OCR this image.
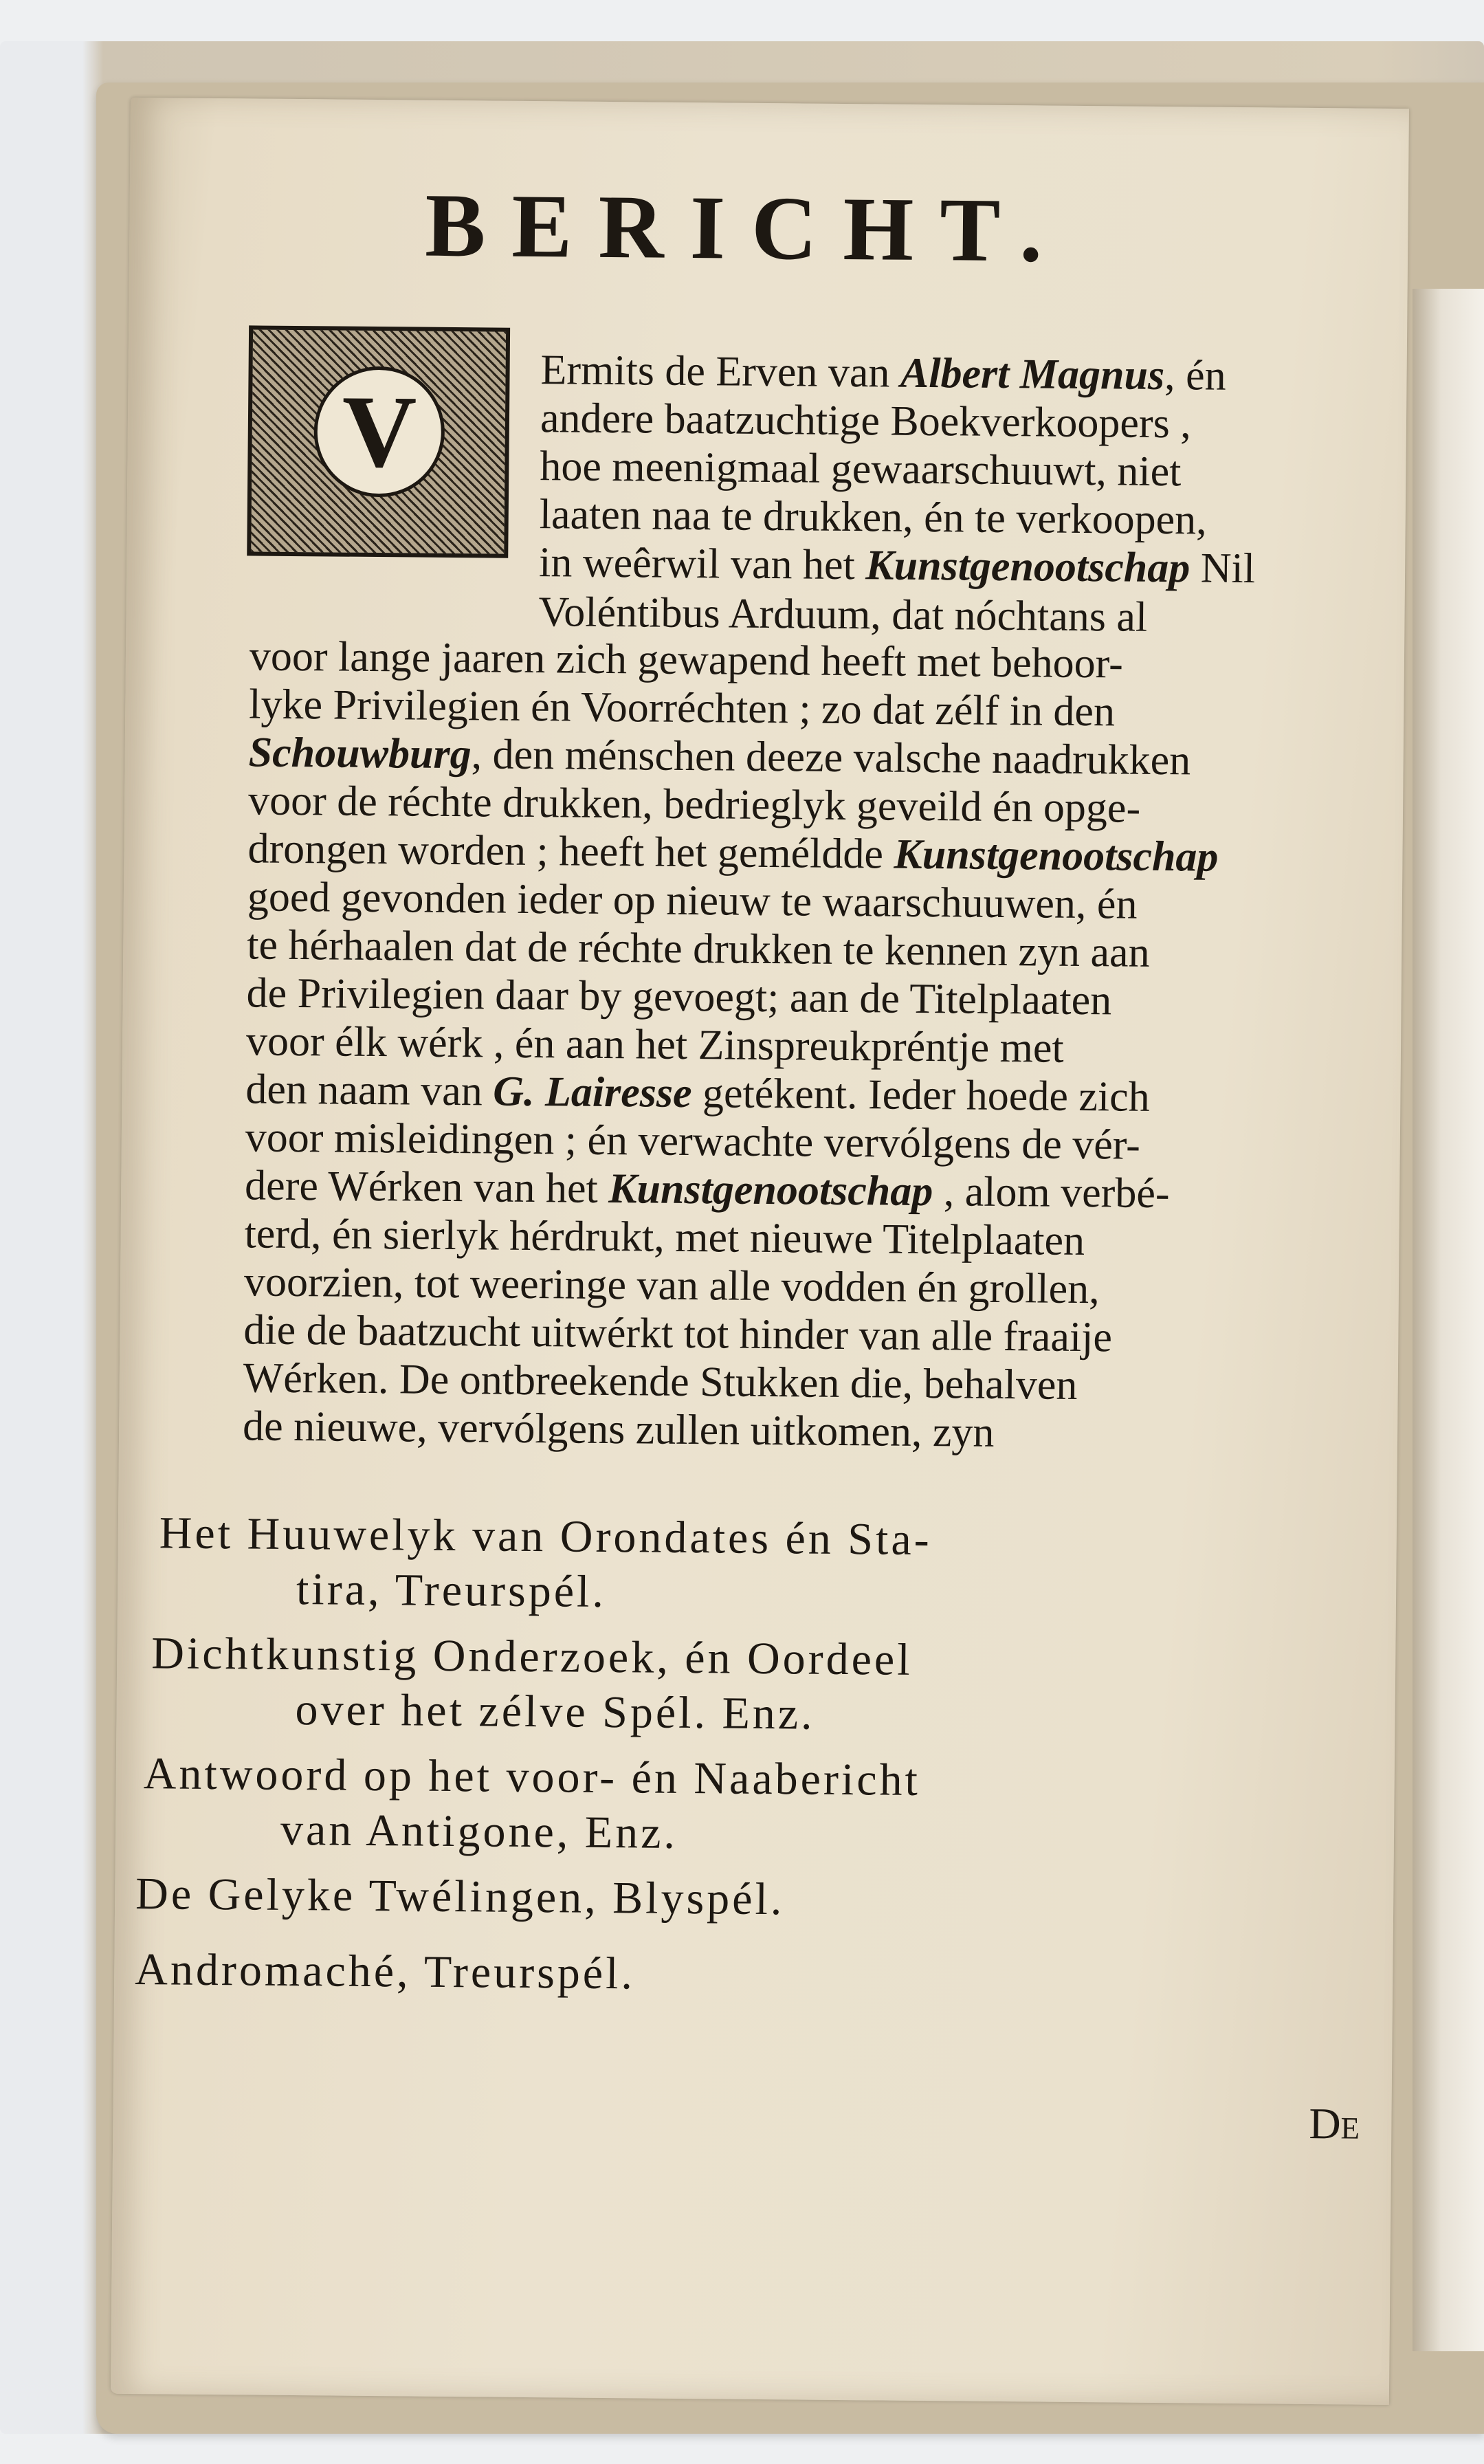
BERICHT.
V
Ermits de Erven van Albert Magnus, én
andere baatzuchtige Boekverkoopers ,
hoe meenigmaal gewaarschuuwt, niet
laaten naa te drukken, én te verkoopen,
in weêrwil van het Kunstgenootschap Nil
Voléntibus Arduum, dat nóchtans al
voor lange jaaren zich gewapend heeft met behoor-
lyke Privilegien én Voorréchten ; zo dat zélf in den
Schouwburg, den ménschen deeze valsche naadrukken
voor de réchte drukken, bedrieglyk geveild én opge-
drongen worden ; heeft het geméldde Kunstgenootschap
goed gevonden ieder op nieuw te waarschuuwen, én
te hérhaalen dat de réchte drukken te kennen zyn aan
de Privilegien daar by gevoegt; aan de Titelplaaten
voor élk wérk , én aan het Zinspreukpréntje met
den naam van G. Lairesse getékent. Ieder hoede zich
voor misleidingen ; én verwachte vervólgens de vér-
dere Wérken van het Kunstgenootschap , alom verbé-
terd, én sierlyk hérdrukt, met nieuwe Titelplaaten
voorzien, tot weeringe van alle vodden én grollen,
die de baatzucht uitwérkt tot hinder van alle fraaije
Wérken. De ontbreekende Stukken die, behalven
de nieuwe, vervólgens zullen uitkomen, zyn
Het Huuwelyk van Orondates én Sta-
tira, Treurspél.
Dichtkunstig Onderzoek, én Oordeel
over het zélve Spél. Enz.
Antwoord op het voor- én Naabericht
van Antigone, Enz.
De Gelyke Twélingen, Blyspél.
Andromaché, Treurspél.
De
